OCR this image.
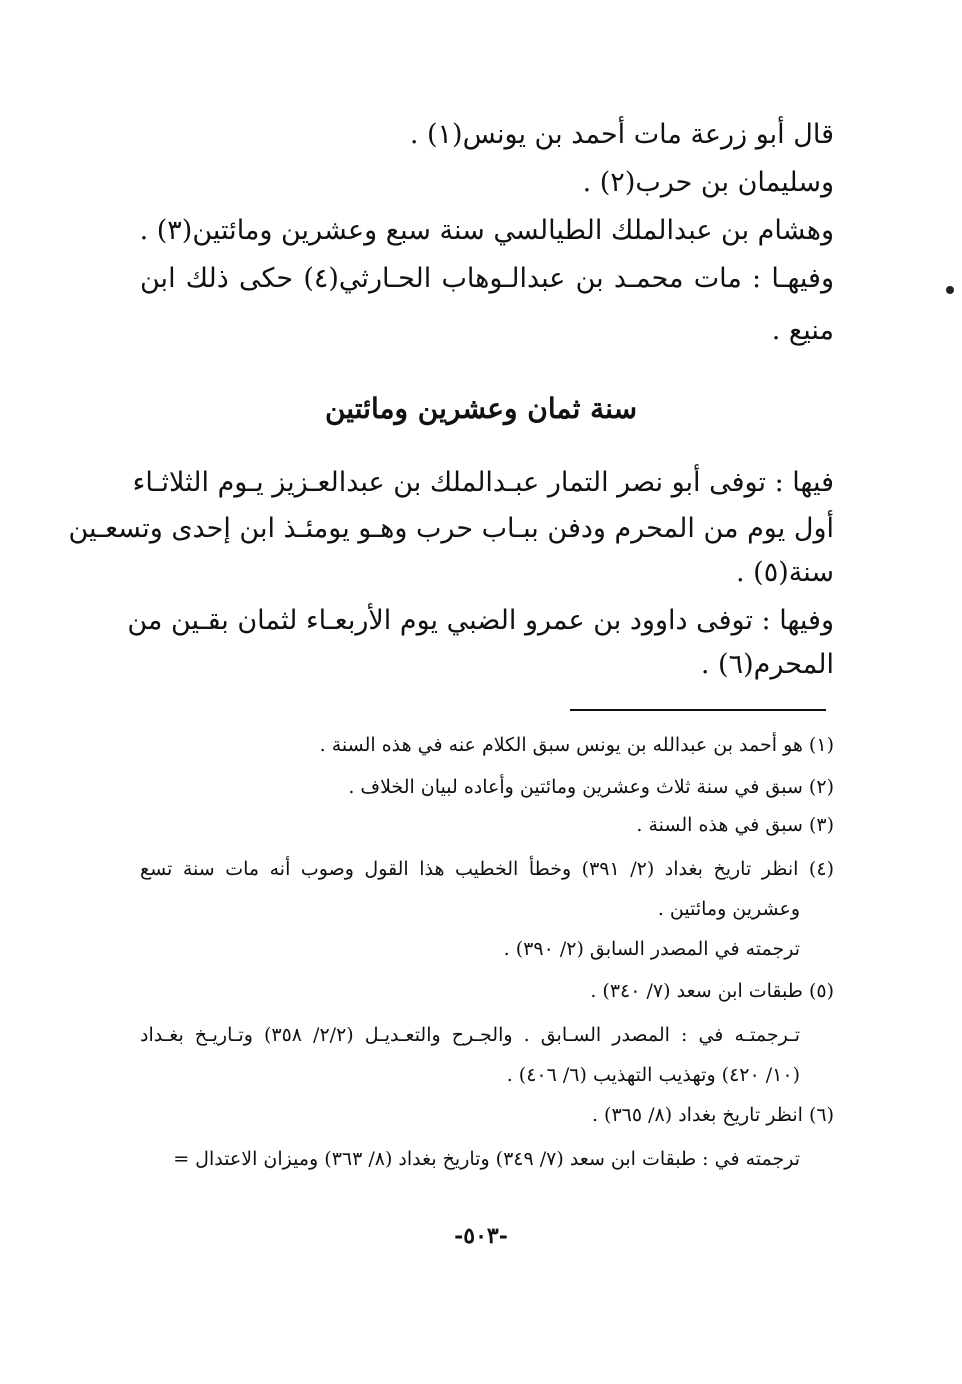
قال أبو زرعة مات أحمد بن يونس(١) .
وسليمان بن حرب(٢) .
وهشام بن عبدالملك الطيالسي سنة سبع وعشرين ومائتين(٣) .
وفيهـا : مات محمـد بن عبدالـوهاب الحـارثي(٤) حكى ذلك ابن
منيع .
سنة ثمان وعشرين ومائتين
فيها : توفى أبو نصر التمار عبـدالملك بن عبدالعـزيز يـوم الثلاثـاء
أول يوم من المحرم ودفن ببـاب حرب وهـو يومئـذ ابن إحدى وتسعـين
سنة(٥) .
وفيها : توفى داوود بن عمرو الضبي يوم الأربعـاء لثمان بقـين من
المحرم(٦) .
(١) هو أحمد بن عبدالله بن يونس سبق الكلام عنه في هذه السنة .
(٢) سبق في سنة ثلاث وعشرين ومائتين وأعاده لبيان الخلاف .
(٣) سبق في هذه السنة .
(٤) انظر تاريخ بغداد (٢/ ٣٩١) وخطأ الخطيب هذا القول وصوب أنه مات سنة تسع
وعشرين ومائتين .
ترجمته في المصدر السابق (٢/ ٣٩٠) .
(٥) طبقات ابن سعد (٧/ ٣٤٠) .
تـرجمتـه في : المصدر السـابق . والجـرح والتعـديـل (٢/٢/ ٣٥٨) وتـاريـخ بغـداد
(١٠/ ٤٢٠) وتهذيب التهذيب (٦/ ٤٠٦) .
(٦) انظر تاريخ بغداد (٨/ ٣٦٥) .
ترجمته في : طبقات ابن سعد (٧/ ٣٤٩) وتاريخ بغداد (٨/ ٣٦٣) وميزان الاعتدال =
-٥٠٣-
